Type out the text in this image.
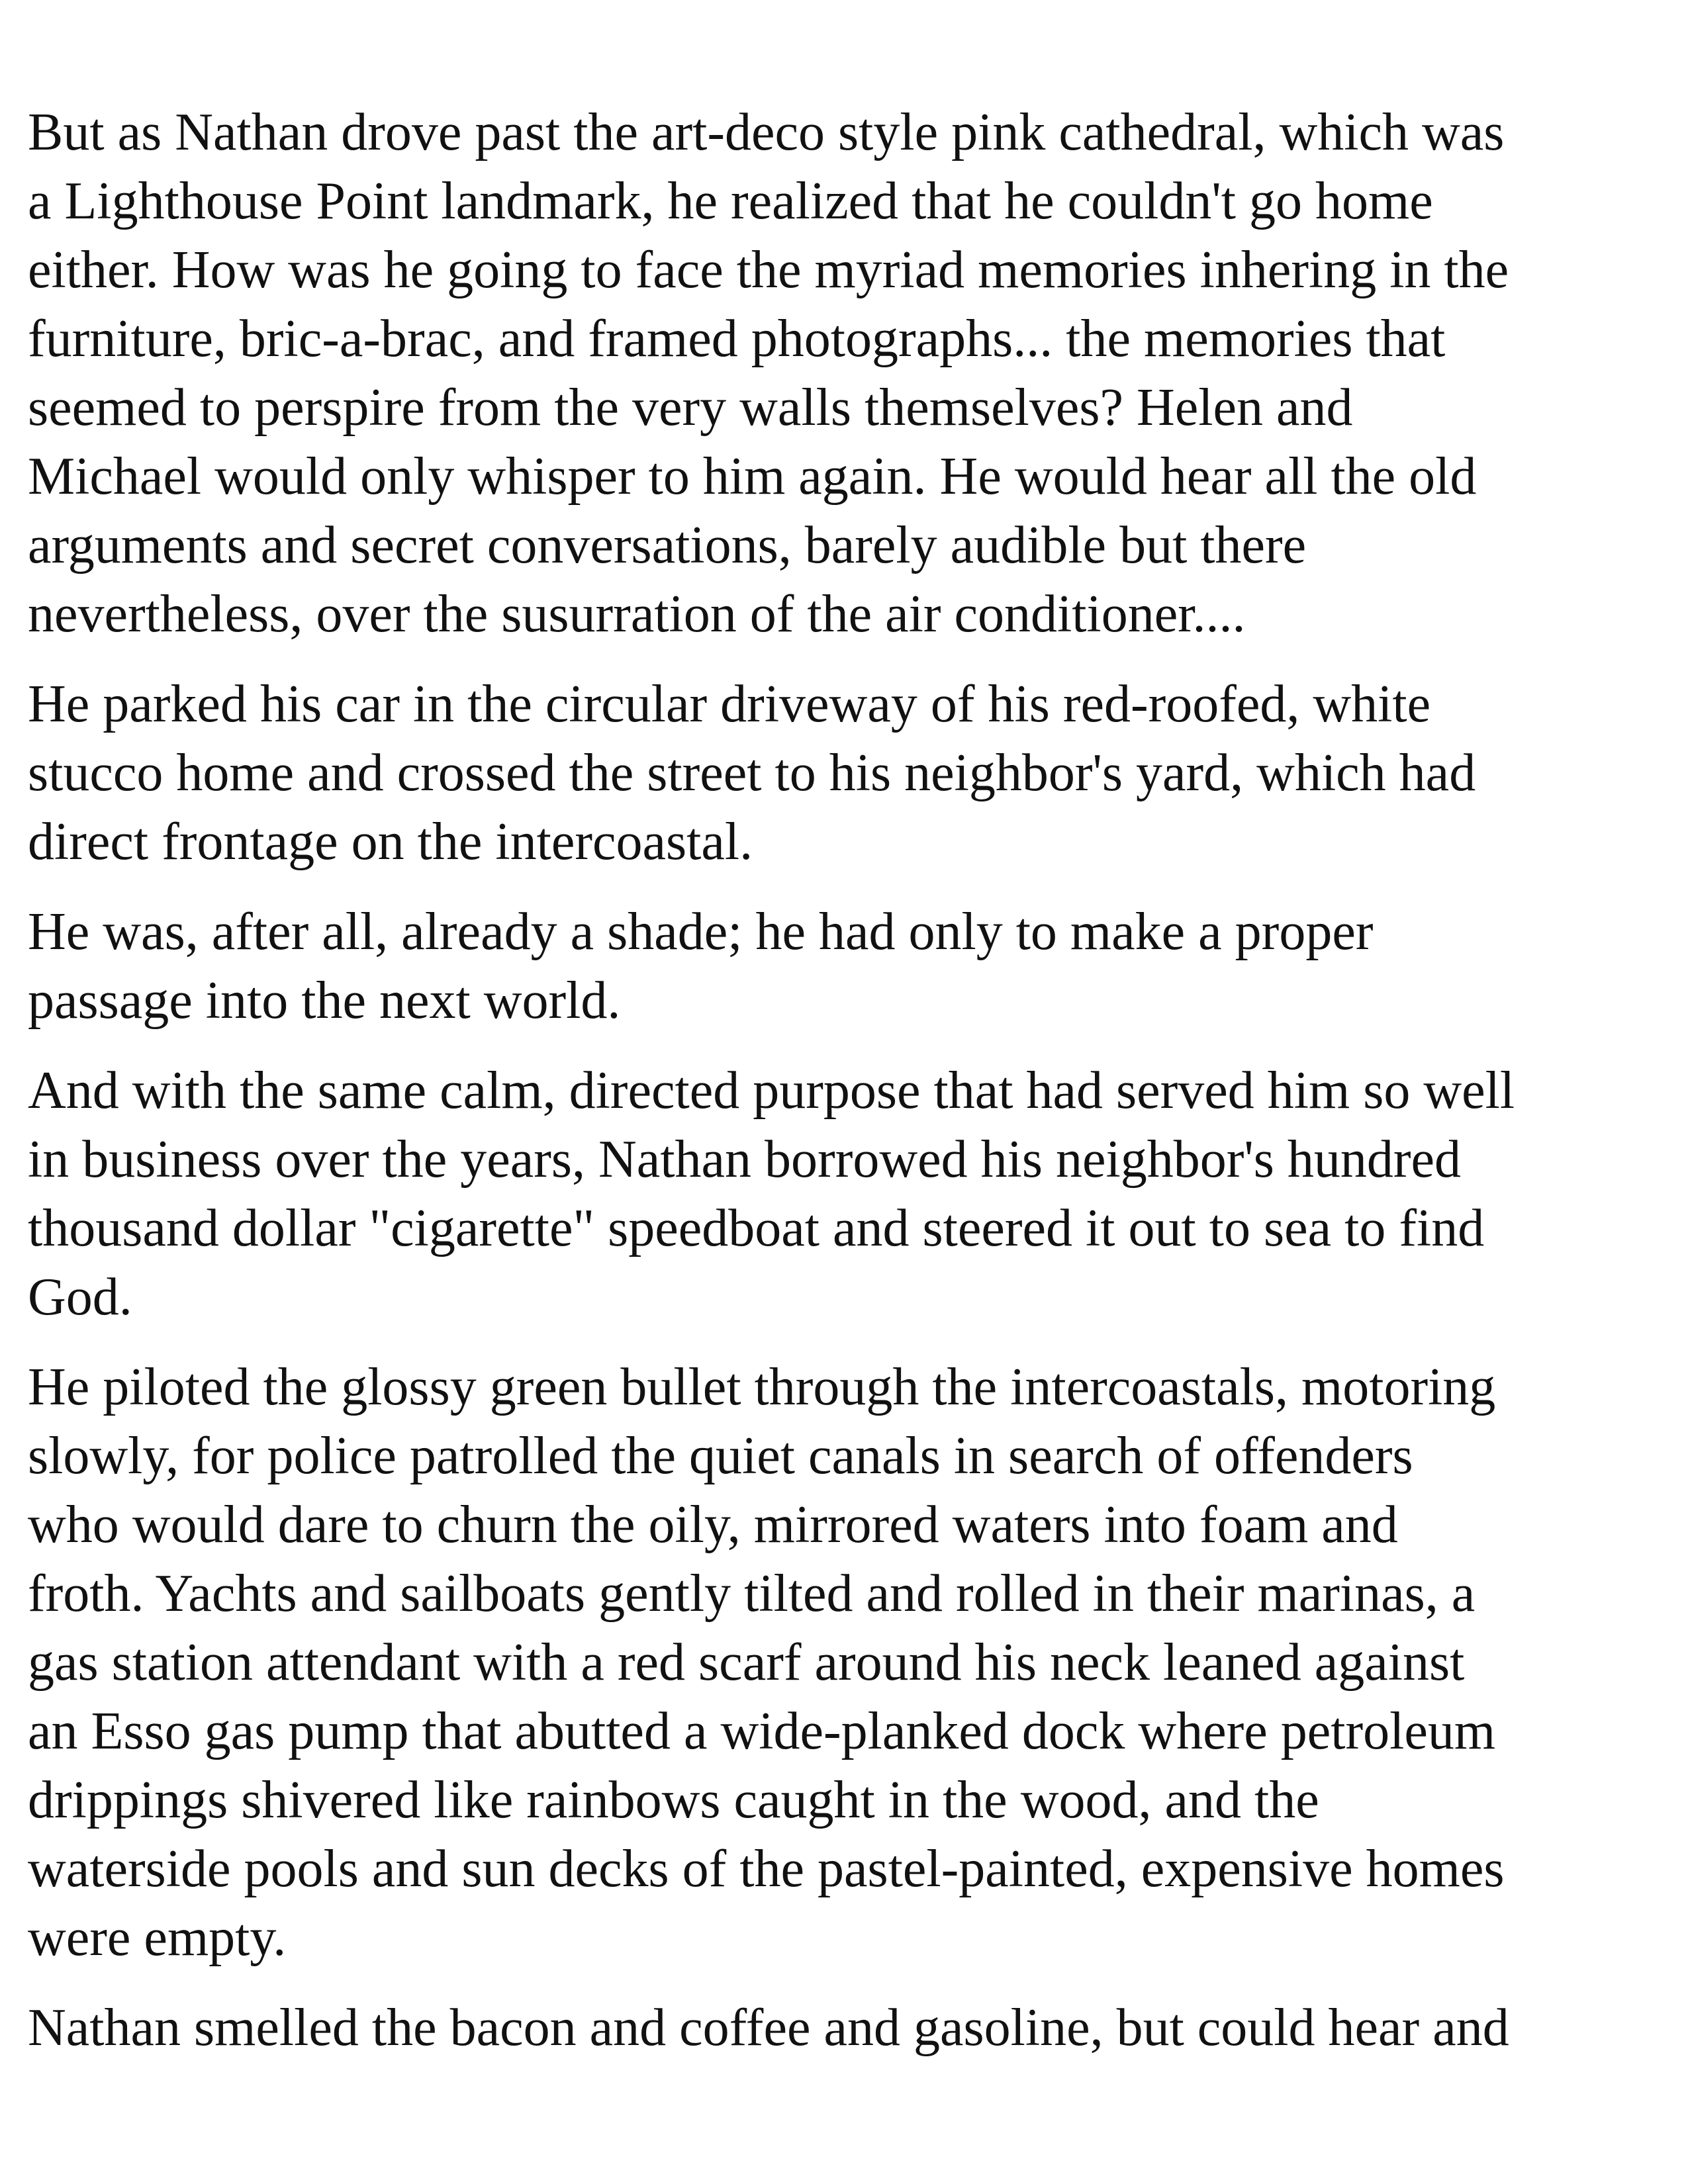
But as Nathan drove past the art-deco style pink cathedral, which was
a Lighthouse Point landmark, he realized that he couldn't go home
either. How was he going to face the myriad memories inhering in the
furniture, bric-a-brac, and framed photographs... the memories that
seemed to perspire from the very walls themselves? Helen and
Michael would only whisper to him again. He would hear all the old
arguments and secret conversations, barely audible but there
nevertheless, over the susurration of the air conditioner....

He parked his car in the circular driveway of his red-roofed, white
stucco home and crossed the street to his neighbor's yard, which had
direct frontage on the intercoastal.

He was, after all, already a shade; he had only to make a proper
passage into the next world.

And with the same calm, directed purpose that had served him so well
in business over the years, Nathan borrowed his neighbor's hundred
thousand dollar "cigarette" speedboat and steered it out to sea to find
God.

He piloted the glossy green bullet through the intercoastals, motoring
slowly, for police patrolled the quiet canals in search of offenders
who would dare to churn the oily, mirrored waters into foam and
froth. Yachts and sailboats gently tilted and rolled in their marinas, a
gas station attendant with a red scarf around his neck leaned against
an Esso gas pump that abutted a wide-planked dock where petroleum
drippings shivered like rainbows caught in the wood, and the
waterside pools and sun decks of the pastel-painted, expensive homes
were empty.

Nathan smelled the bacon and coffee and gasoline, but could hear and
